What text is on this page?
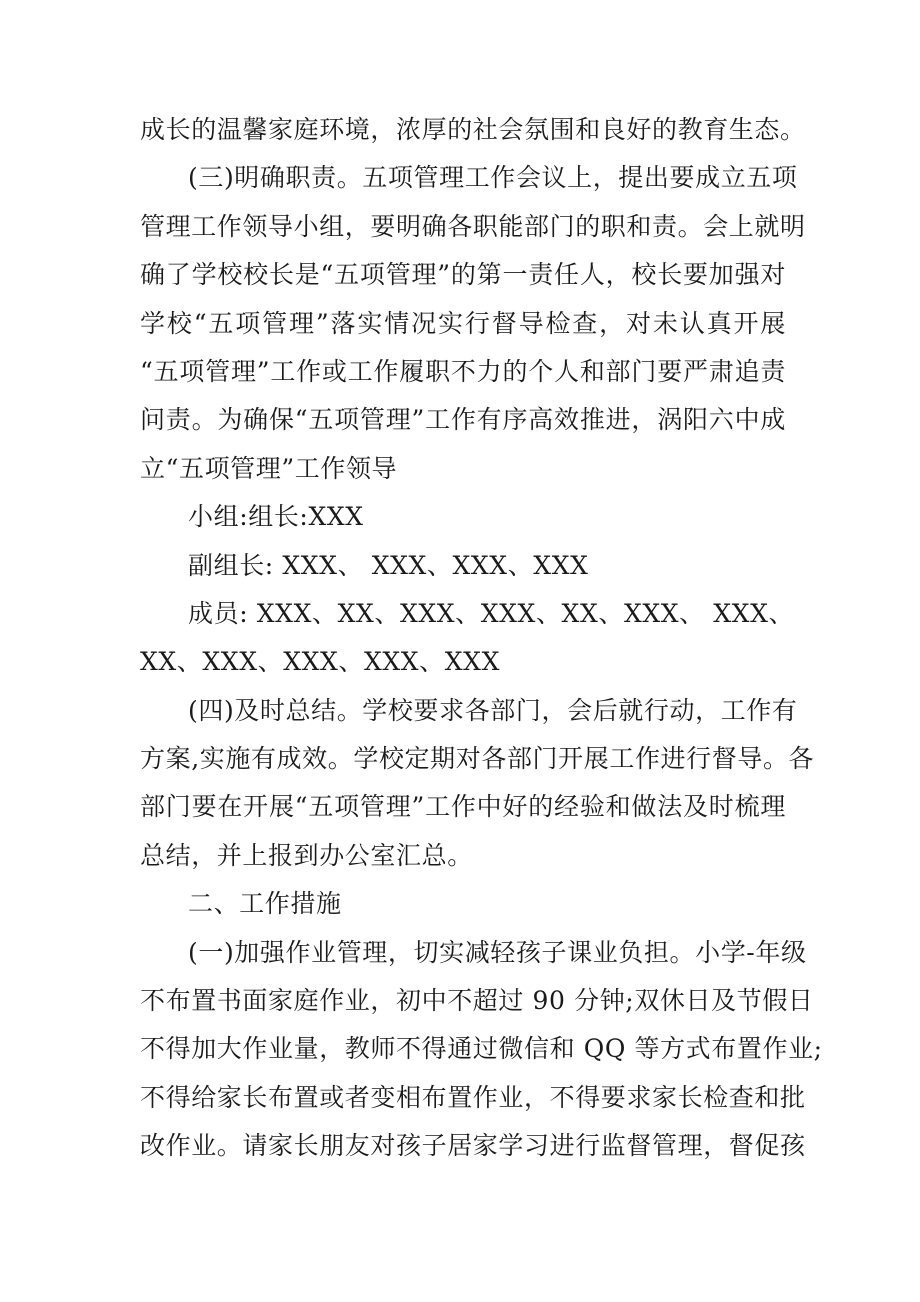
成长的温馨家庭环境，浓厚的社会氛围和良好的教育生态。
(三)明确职责。五项管理工作会议上，提出要成立五项
管理工作领导小组，要明确各职能部门的职和责。会上就明
确了学校校长是“五项管理”的第一责任人，校长要加强对
学校“五项管理”落实情况实行督导检查，对未认真开展
“五项管理”工作或工作履职不力的个人和部门要严肃追责
问责。为确保“五项管理”工作有序高效推进，涡阳六中成
立“五项管理”工作领导
小组:组长:XXX
副组长: XXX、 XXX、XXX、XXX
成员: XXX、XX、XXX、XXX、XX、XXX、 XXX、
XX、XXX、XXX、XXX、XXX
(四)及时总结。学校要求各部门，会后就行动，工作有
方案,实施有成效。学校定期对各部门开展工作进行督导。各
部门要在开展“五项管理”工作中好的经验和做法及时梳理
总结，并上报到办公室汇总。
二、工作措施
(一)加强作业管理，切实减轻孩子课业负担。小学-年级
不布置书面家庭作业，初中不超过 90 分钟;双休日及节假日
不得加大作业量，教师不得通过微信和 QQ 等方式布置作业;
不得给家长布置或者变相布置作业，不得要求家长检查和批
改作业。请家长朋友对孩子居家学习进行监督管理，督促孩
